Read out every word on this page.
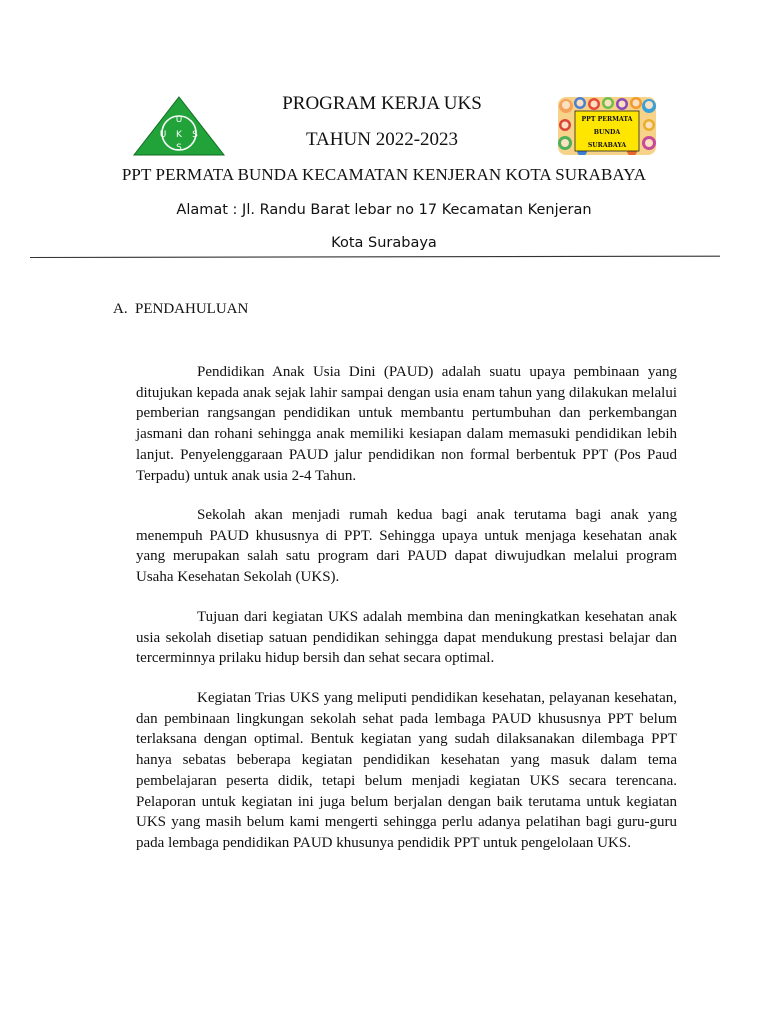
U
K S
U
S
PPT PERMATA
BUNDA
SURABAYA
PROGRAM KERJA UKS
TAHUN 2022-2023
PPT PERMATA BUNDA KECAMATAN KENJERAN KOTA SURABAYA
Alamat : Jl. Randu Barat lebar no 17 Kecamatan Kenjeran
Kota Surabaya
A. PENDAHULUAN

Pendidikan Anak Usia Dini (PAUD) adalah suatu upaya pembinaan yang ditujukan kepada anak sejak lahir sampai dengan usia enam tahun yang dilakukan melalui pemberian rangsangan pendidikan untuk membantu pertumbuhan dan perkembangan jasmani dan rohani sehingga anak memiliki kesiapan dalam memasuki pendidikan lebih lanjut. Penyelenggaraan PAUD jalur pendidikan non formal berbentuk PPT (Pos Paud Terpadu) untuk anak usia 2-4 Tahun.

Sekolah akan menjadi rumah kedua bagi anak terutama bagi anak yang menempuh PAUD khususnya di PPT. Sehingga upaya untuk menjaga kesehatan anak yang merupakan salah satu program dari PAUD dapat diwujudkan melalui program Usaha Kesehatan Sekolah (UKS).

Tujuan dari kegiatan UKS adalah membina dan meningkatkan kesehatan anak usia sekolah disetiap satuan pendidikan sehingga dapat mendukung prestasi belajar dan tercerminnya prilaku hidup bersih dan sehat secara optimal.

Kegiatan Trias UKS yang meliputi pendidikan kesehatan, pelayanan kesehatan, dan pembinaan lingkungan sekolah sehat pada lembaga PAUD khususnya PPT belum terlaksana dengan optimal. Bentuk kegiatan yang sudah dilaksanakan dilembaga PPT hanya sebatas beberapa kegiatan pendidikan kesehatan yang masuk dalam tema pembelajaran peserta didik, tetapi belum menjadi kegiatan UKS secara terencana. Pelaporan untuk kegiatan ini juga belum berjalan dengan baik terutama untuk kegiatan UKS yang masih belum kami mengerti sehingga perlu adanya pelatihan bagi guru-guru pada lembaga pendidikan PAUD khusunya pendidik PPT untuk pengelolaan UKS.
